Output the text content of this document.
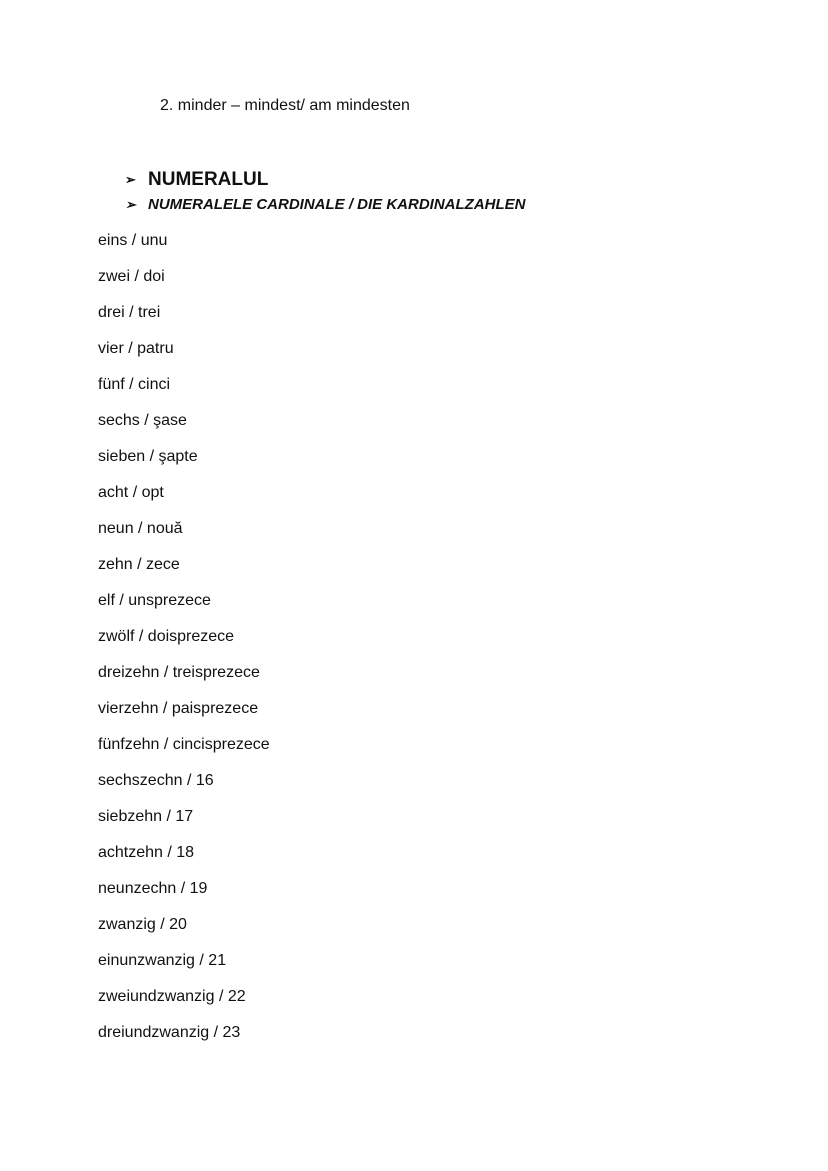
2. minder – mindest/ am mindesten
➢ NUMERALUL
➢ NUMERALELE CARDINALE / DIE KARDINALZAHLEN
eins / unu
zwei / doi
drei / trei
vier / patru
fünf / cinci
sechs / şase
sieben / şapte
acht / opt
neun / nouă
zehn / zece
elf / unsprezece
zwölf / doisprezece
dreizehn / treisprezece
vierzehn / paisprezece
fünfzehn / cincisprezece
sechszechn / 16
siebzehn / 17
achtzehn / 18
neunzechn / 19
zwanzig / 20
einunzwanzig / 21
zweiundzwanzig / 22
dreiundzwanzig / 23
